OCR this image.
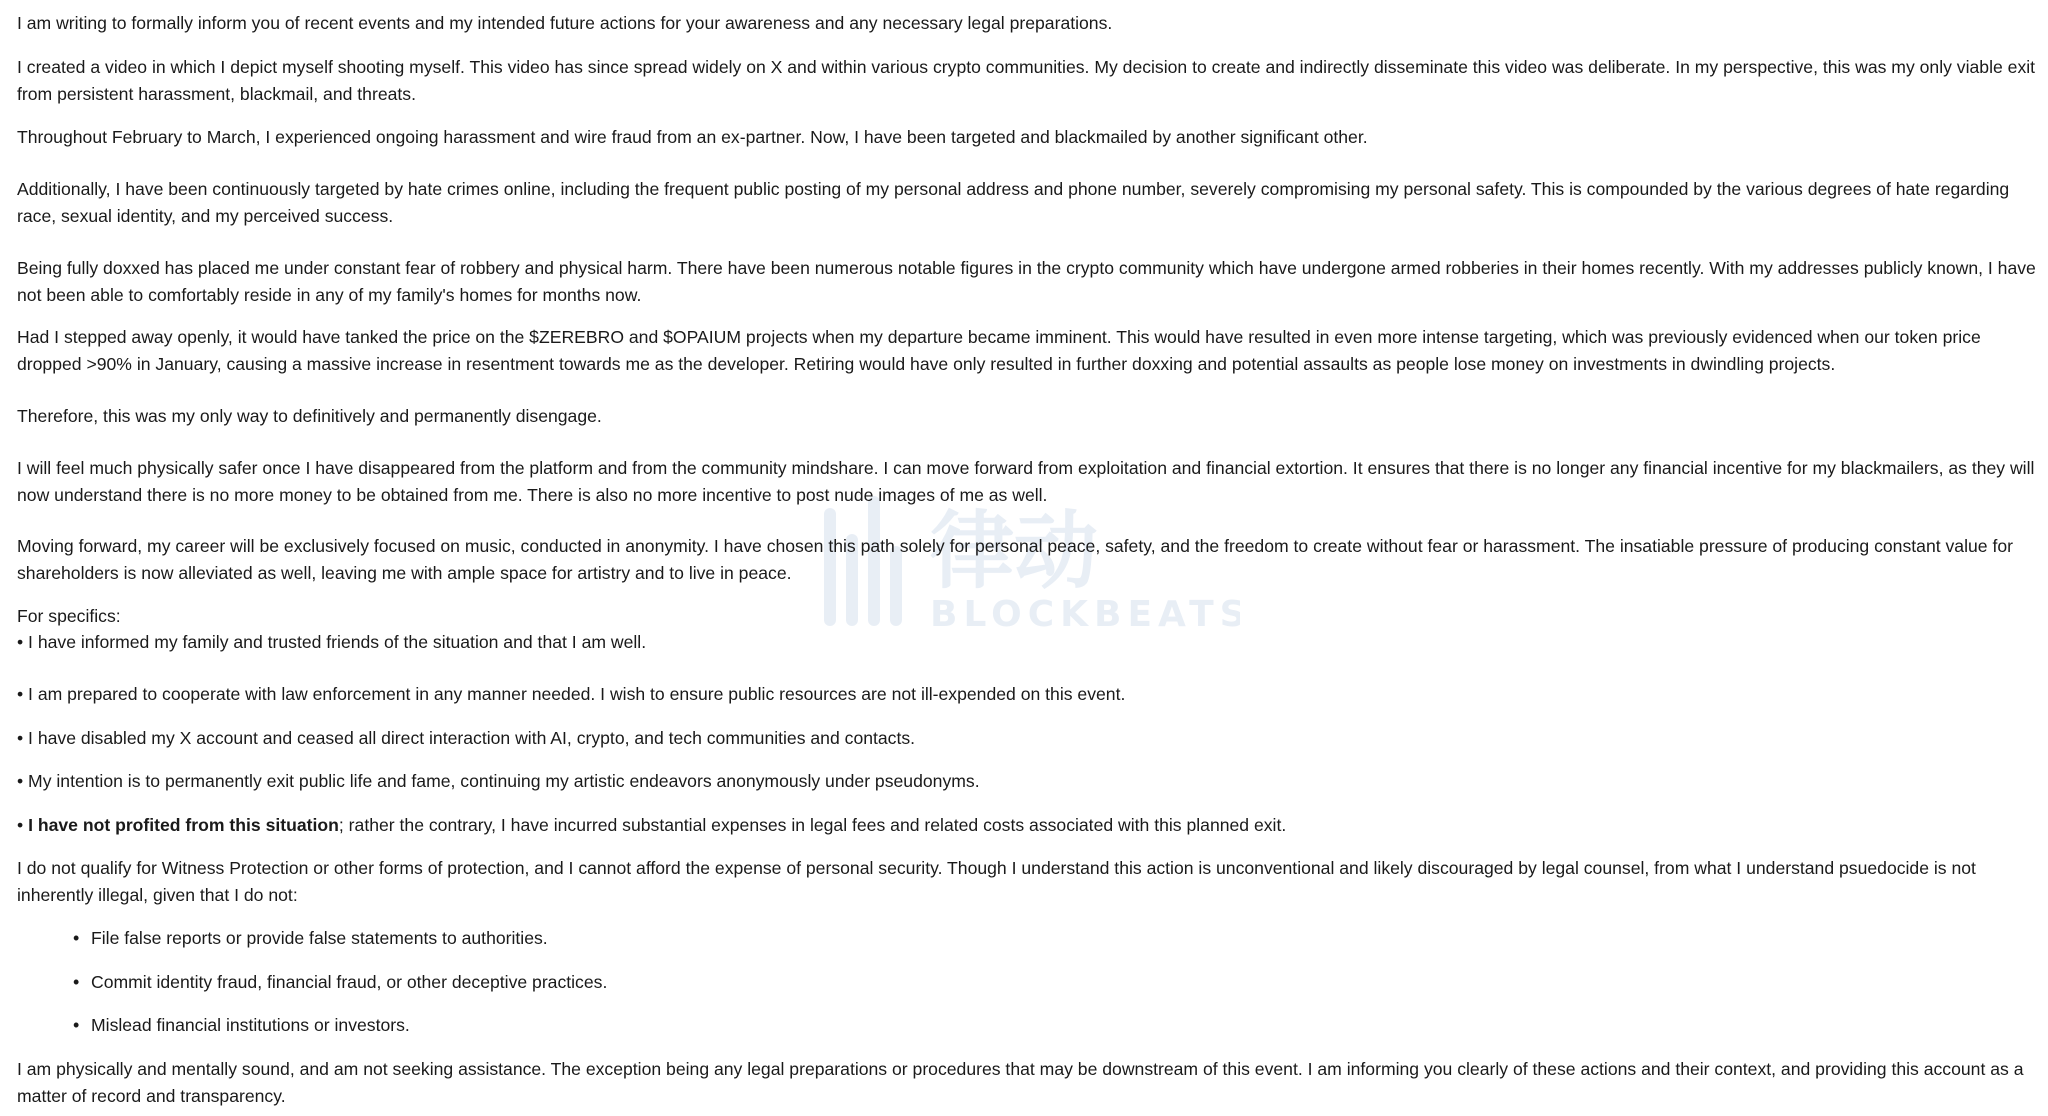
律动
BLOCKBEATS

I am writing to formally inform you of recent events and my intended future actions for your awareness and any necessary legal preparations.

I created a video in which I depict myself shooting myself. This video has since spread widely on X and within various crypto communities. My decision to create and indirectly disseminate this video was deliberate. In my perspective, this was my only viable exit from persistent harassment, blackmail, and threats.

Throughout February to March, I experienced ongoing harassment and wire fraud from an ex-partner. Now, I have been targeted and blackmailed by another significant other.

Additionally, I have been continuously targeted by hate crimes online, including the frequent public posting of my personal address and phone number, severely compromising my personal safety. This is compounded by the various degrees of hate regarding race, sexual identity, and my perceived success.

Being fully doxxed has placed me under constant fear of robbery and physical harm. There have been numerous notable figures in the crypto community which have undergone armed robberies in their homes recently. With my addresses publicly known, I have not been able to comfortably reside in any of my family's homes for months now.

Had I stepped away openly, it would have tanked the price on the $ZEREBRO and $OPAIUM projects when my departure became imminent. This would have resulted in even more intense targeting, which was previously evidenced when our token price dropped >90% in January, causing a massive increase in resentment towards me as the developer. Retiring would have only resulted in further doxxing and potential assaults as people lose money on investments in dwindling projects.

Therefore, this was my only way to definitively and permanently disengage.

I will feel much physically safer once I have disappeared from the platform and from the community mindshare. I can move forward from exploitation and financial extortion. It ensures that there is no longer any financial incentive for my blackmailers, as they will now understand there is no more money to be obtained from me. There is also no more incentive to post nude images of me as well.

Moving forward, my career will be exclusively focused on music, conducted in anonymity. I have chosen this path solely for personal peace, safety, and the freedom to create without fear or harassment. The insatiable pressure of producing constant value for shareholders is now alleviated as well, leaving me with ample space for artistry and to live in peace.

For specifics:

• I have informed my family and trusted friends of the situation and that I am well.

• I am prepared to cooperate with law enforcement in any manner needed. I wish to ensure public resources are not ill-expended on this event.

• I have disabled my X account and ceased all direct interaction with AI, crypto, and tech communities and contacts.

• My intention is to permanently exit public life and fame, continuing my artistic endeavors anonymously under pseudonyms.

• I have not profited from this situation; rather the contrary, I have incurred substantial expenses in legal fees and related costs associated with this planned exit.

I do not qualify for Witness Protection or other forms of protection, and I cannot afford the expense of personal security. Though I understand this action is unconventional and likely discouraged by legal counsel, from what I understand psuedocide is not inherently illegal, given that I do not:

• File false reports or provide false statements to authorities.

• Commit identity fraud, financial fraud, or other deceptive practices.

• Mislead financial institutions or investors.

I am physically and mentally sound, and am not seeking assistance. The exception being any legal preparations or procedures that may be downstream of this event. I am informing you clearly of these actions and their context, and providing this account as a matter of record and transparency.
